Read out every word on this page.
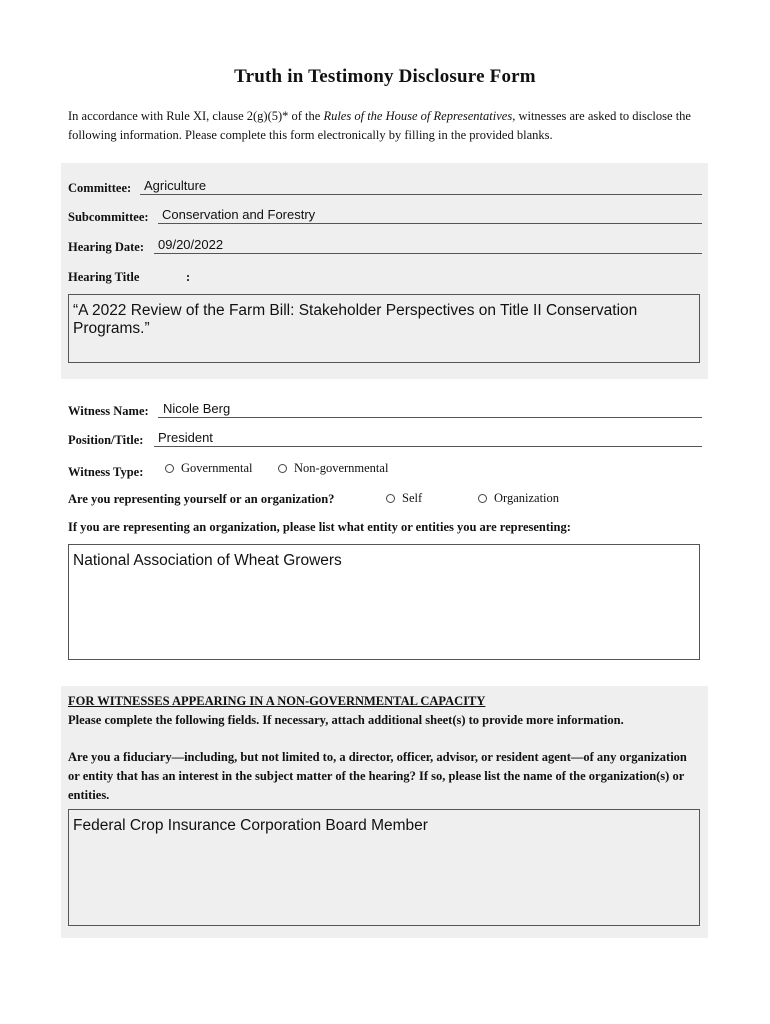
Truth in Testimony Disclosure Form
In accordance with Rule XI, clause 2(g)(5)* of the Rules of the House of Representatives, witnesses are asked to disclose the following information. Please complete this form electronically by filling in the provided blanks.
Committee: Agriculture
Subcommittee: Conservation and Forestry
Hearing Date: 09/20/2022
Hearing Title	:
“A 2022 Review of the Farm Bill: Stakeholder Perspectives on Title II Conservation Programs.”
Witness Name: Nicole Berg
Position/Title: President
Witness Type:	Governmental	Non-governmental
Are you representing yourself or an organization?	Self	Organization
If you are representing an organization, please list what entity or entities you are representing:
National Association of Wheat Growers
FOR WITNESSES APPEARING IN A NON-GOVERNMENTAL CAPACITY
Please complete the following fields. If necessary, attach additional sheet(s) to provide more information.
Are you a fiduciary—including, but not limited to, a director, officer, advisor, or resident agent—of any organization or entity that has an interest in the subject matter of the hearing? If so, please list the name of the organization(s) or entities.
Federal Crop Insurance Corporation Board Member
